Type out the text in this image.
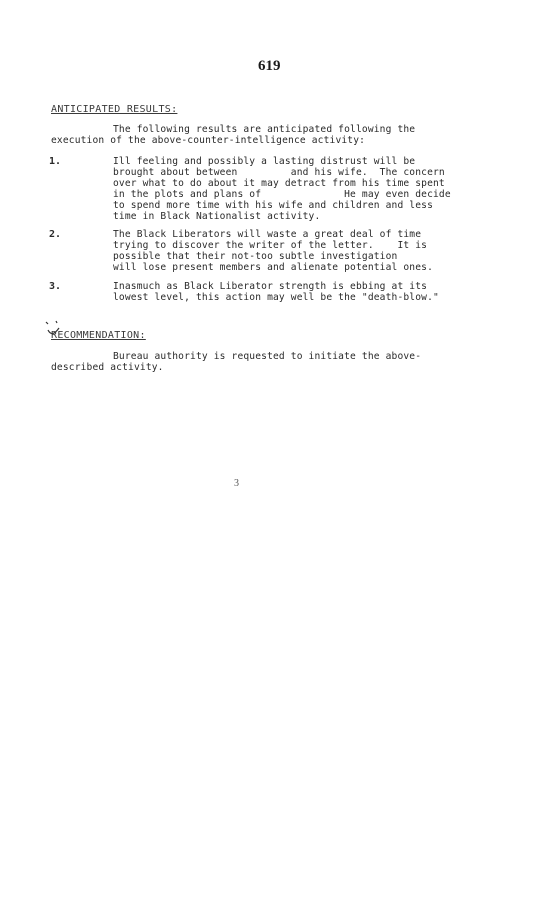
619
ANTICIPATED RESULTS:
The following results are anticipated following the
execution of the above-counter-intelligence activity:
1.	Ill feeling and possibly a lasting distrust will be
brought about between         and his wife.  The concern
over what to do about it may detract from his time spent
in the plots and plans of              He may even decide
to spend more time with his wife and children and less
time in Black Nationalist activity.
2.	The Black Liberators will waste a great deal of time
trying to discover the writer of the letter.    It is
possible that their not-too subtle investigation
will lose present members and alienate potential ones.
3.	Inasmuch as Black Liberator strength is ebbing at its
lowest level, this action may well be the "death-blow."
RECOMMENDATION:
Bureau authority is requested to initiate the above-
described activity.
3
